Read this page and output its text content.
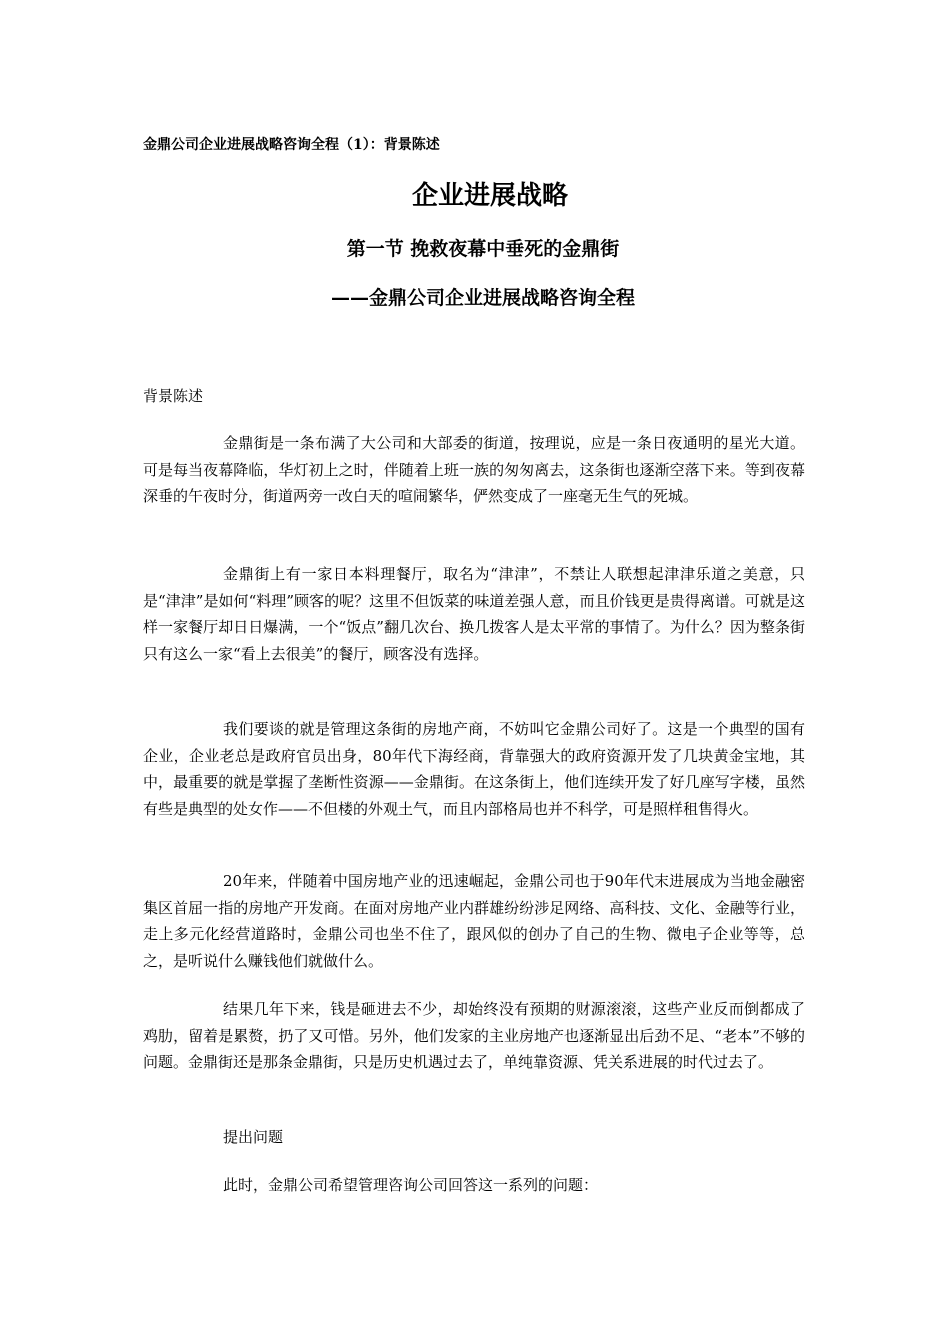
金鼎公司企业进展战略咨询全程（1）：背景陈述
企业进展战略
第一节 挽救夜幕中垂死的金鼎街
——金鼎公司企业进展战略咨询全程
背景陈述

金鼎街是一条布满了大公司和大部委的街道，按理说，应是一条日夜通明的星光大道。可是每当夜幕降临，华灯初上之时，伴随着上班一族的匆匆离去，这条街也逐渐空落下来。等到夜幕深垂的午夜时分，街道两旁一改白天的喧闹繁华，俨然变成了一座毫无生气的死城。

金鼎街上有一家日本料理餐厅，取名为“津津”，不禁让人联想起津津乐道之美意，只是“津津”是如何“料理”顾客的呢？这里不但饭菜的味道差强人意，而且价钱更是贵得离谱。可就是这样一家餐厅却日日爆满，一个“饭点”翻几次台、换几拨客人是太平常的事情了。为什么？因为整条街只有这么一家“看上去很美”的餐厅，顾客没有选择。

我们要谈的就是管理这条街的房地产商，不妨叫它金鼎公司好了。这是一个典型的国有企业，企业老总是政府官员出身，80年代下海经商，背靠强大的政府资源开发了几块黄金宝地，其中，最重要的就是掌握了垄断性资源——金鼎街。在这条街上，他们连续开发了好几座写字楼，虽然有些是典型的处女作——不但楼的外观土气，而且内部格局也并不科学，可是照样租售得火。

20年来，伴随着中国房地产业的迅速崛起，金鼎公司也于90年代末进展成为当地金融密集区首屈一指的房地产开发商。在面对房地产业内群雄纷纷涉足网络、高科技、文化、金融等行业，走上多元化经营道路时，金鼎公司也坐不住了，跟风似的创办了自己的生物、微电子企业等等，总之，是听说什么赚钱他们就做什么。

结果几年下来，钱是砸进去不少，却始终没有预期的财源滚滚，这些产业反而倒都成了鸡肋，留着是累赘，扔了又可惜。另外，他们发家的主业房地产也逐渐显出后劲不足、“老本”不够的问题。金鼎街还是那条金鼎街，只是历史机遇过去了，单纯靠资源、凭关系进展的时代过去了。

提出问题

此时，金鼎公司希望管理咨询公司回答这一系列的问题：
